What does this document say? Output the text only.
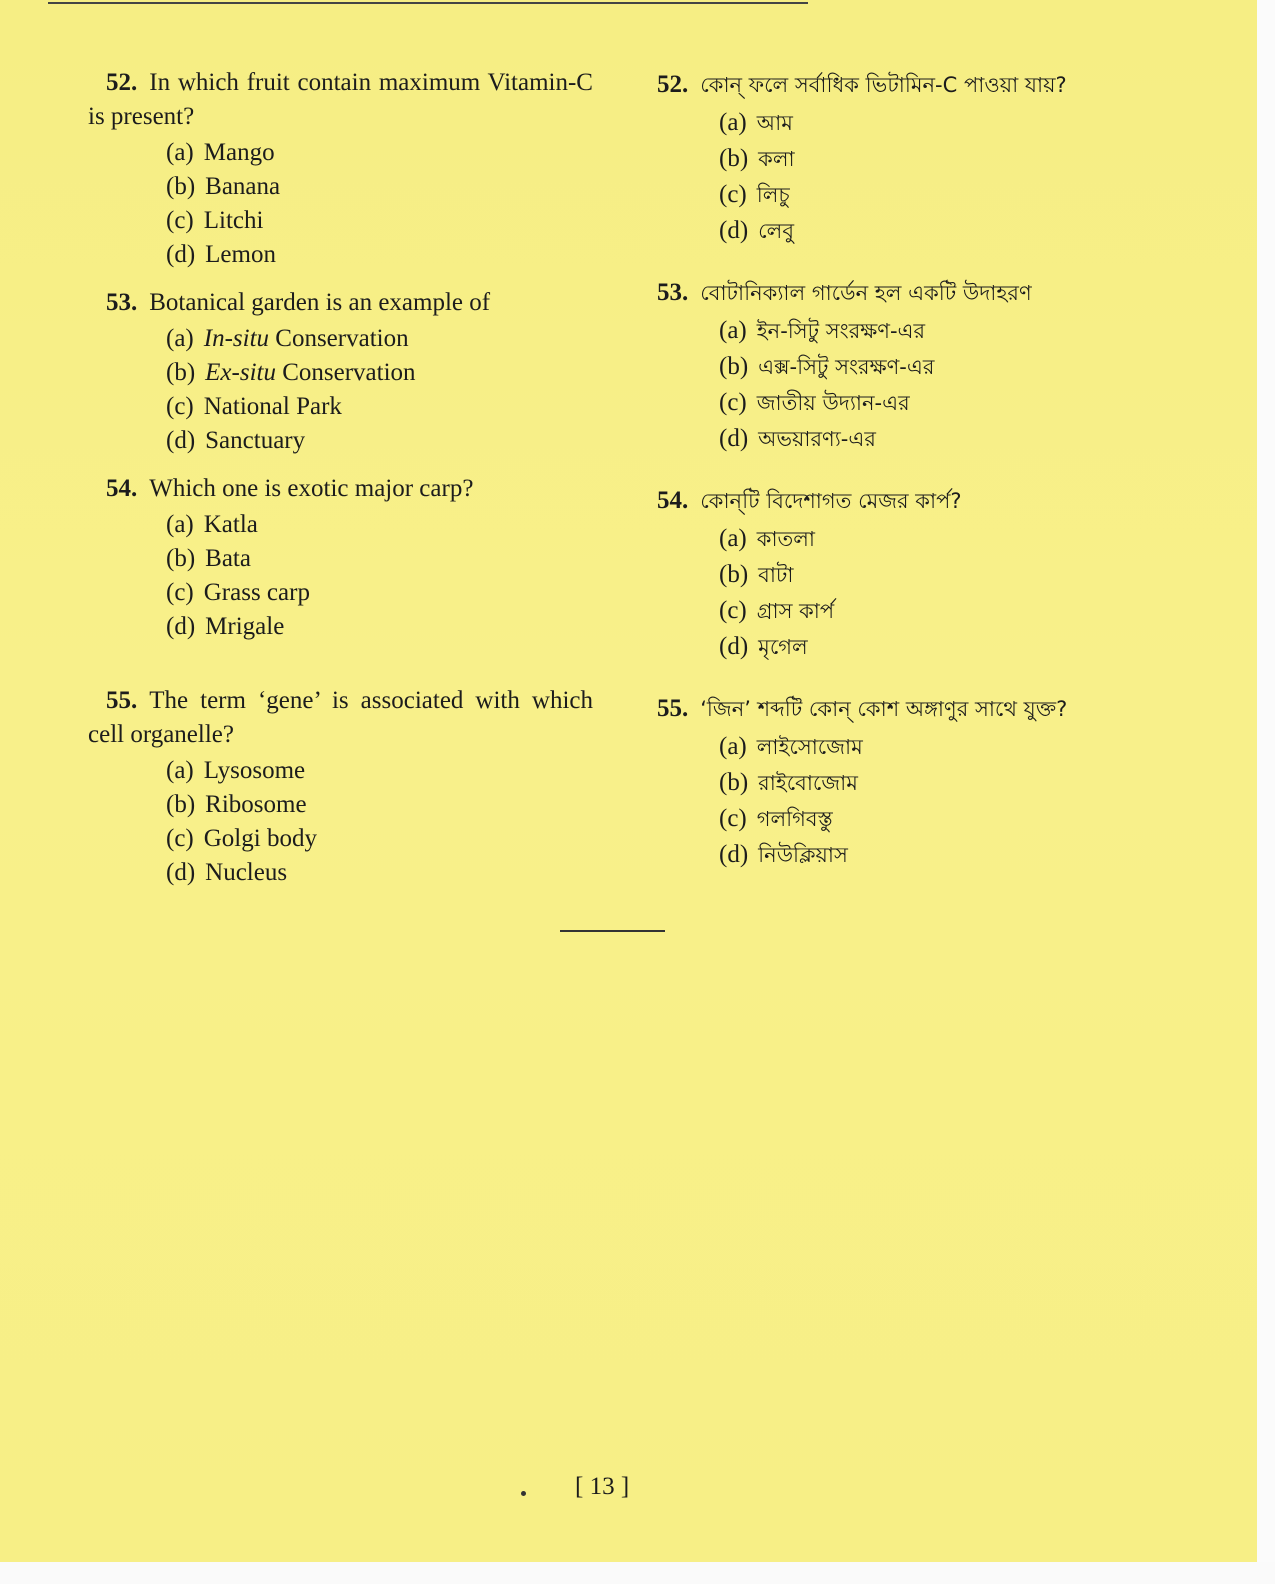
52. In which fruit contain maximum Vitamin-C is present?
(a) Mango
(b) Banana
(c) Litchi
(d) Lemon
53. Botanical garden is an example of
(a) In-situ Conservation
(b) Ex-situ Conservation
(c) National Park
(d) Sanctuary
54. Which one is exotic major carp?
(a) Katla
(b) Bata
(c) Grass carp
(d) Mrigale
55. The term ‘gene’ is associated with which cell organelle?
(a) Lysosome
(b) Ribosome
(c) Golgi body
(d) Nucleus
52. কোন্ ফলে সর্বাধিক ভিটামিন-C পাওয়া যায়?
(a) আম
(b) কলা
(c) লিচু
(d) লেবু
53. বোটানিক্যাল গার্ডেন হল একটি উদাহরণ
(a) ইন-সিটু সংরক্ষণ-এর
(b) এক্স-সিটু সংরক্ষণ-এর
(c) জাতীয় উদ্যান-এর
(d) অভয়ারণ্য-এর
54. কোন্‌টি বিদেশাগত মেজর কার্প?
(a) কাতলা
(b) বাটা
(c) গ্রাস কার্প
(d) মৃগেল
55. ‘জিন’ শব্দটি কোন্ কোশ অঙ্গাণুর সাথে যুক্ত?
(a) লাইসোজোম
(b) রাইবোজোম
(c) গলগিবস্তু
(d) নিউক্লিয়াস
[ 13 ]
